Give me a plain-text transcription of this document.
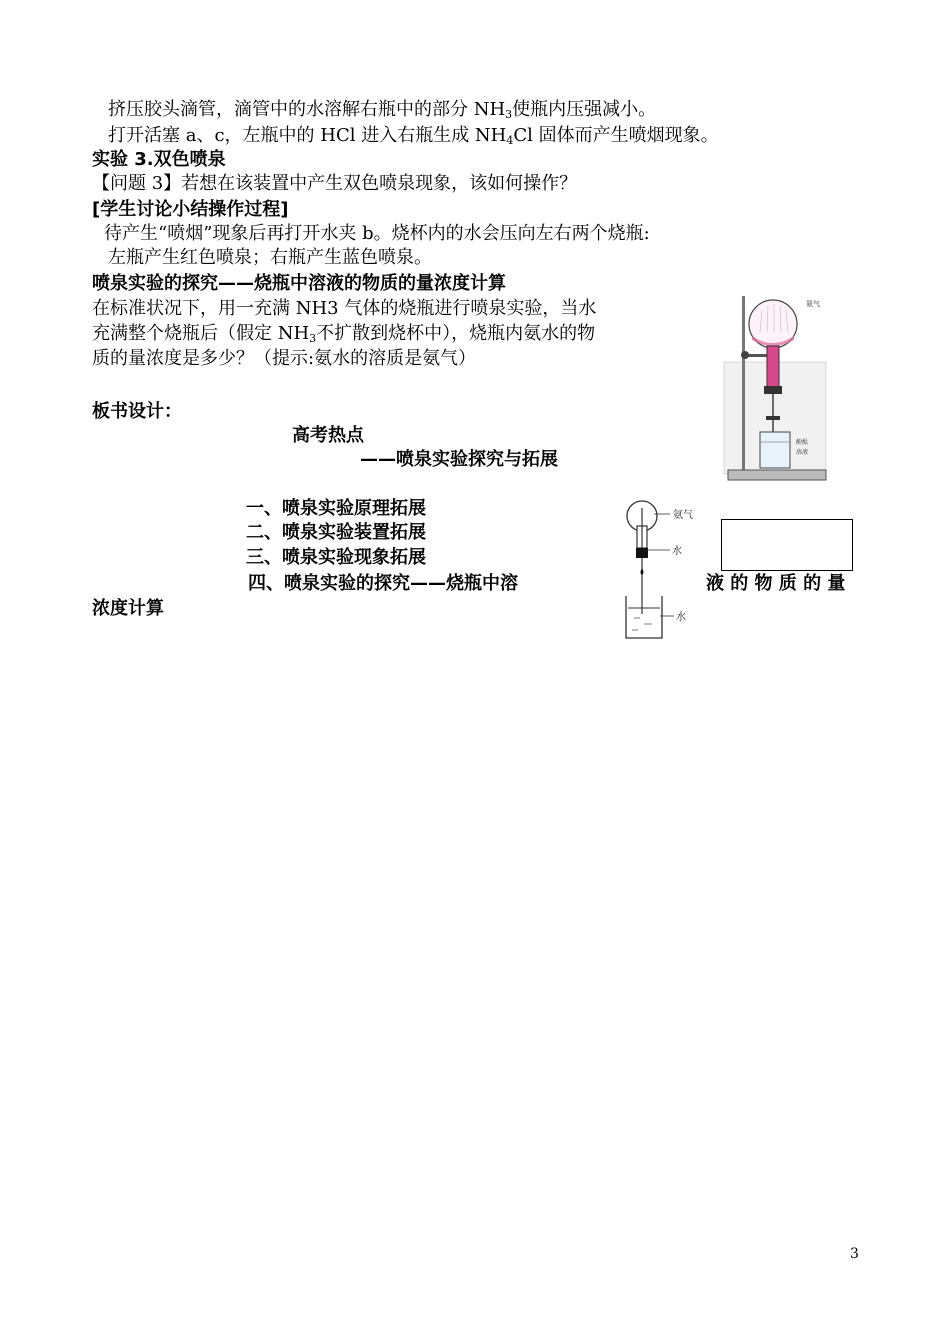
挤压胶头滴管，滴管中的水溶解右瓶中的部分 $NH_3$使瓶内压强减小。
打开活塞 a、c，左瓶中的 HCl 进入右瓶生成 $NH_4Cl$ 固体而产生喷烟现象。
实验 3.双色喷泉
【问题 3】若想在该装置中产生双色喷泉现象，该如何操作？
[学生讨论小结操作过程]
待产生“喷烟”现象后再打开水夹 b。烧杯内的水会压向左右两个烧瓶:
左瓶产生红色喷泉；右瓶产生蓝色喷泉。
喷泉实验的探究——烧瓶中溶液的物质的量浓度计算
在标准状况下，用一充满 NH3 气体的烧瓶进行喷泉实验，当水
充满整个烧瓶后（假定 $NH_3$不扩散到烧杯中），烧瓶内氨水的物
质的量浓度是多少？（提示:氨水的溶质是氨气）
板书设计：
高考热点
——喷泉实验探究与拓展
一、喷泉实验原理拓展
二、喷泉实验装置拓展
三、喷泉实验现象拓展
四、喷泉实验的探究——烧瓶中溶	液 的 物 质 的 量
浓度计算
氨气
酚酞
溶液
氨气
水
水
3
